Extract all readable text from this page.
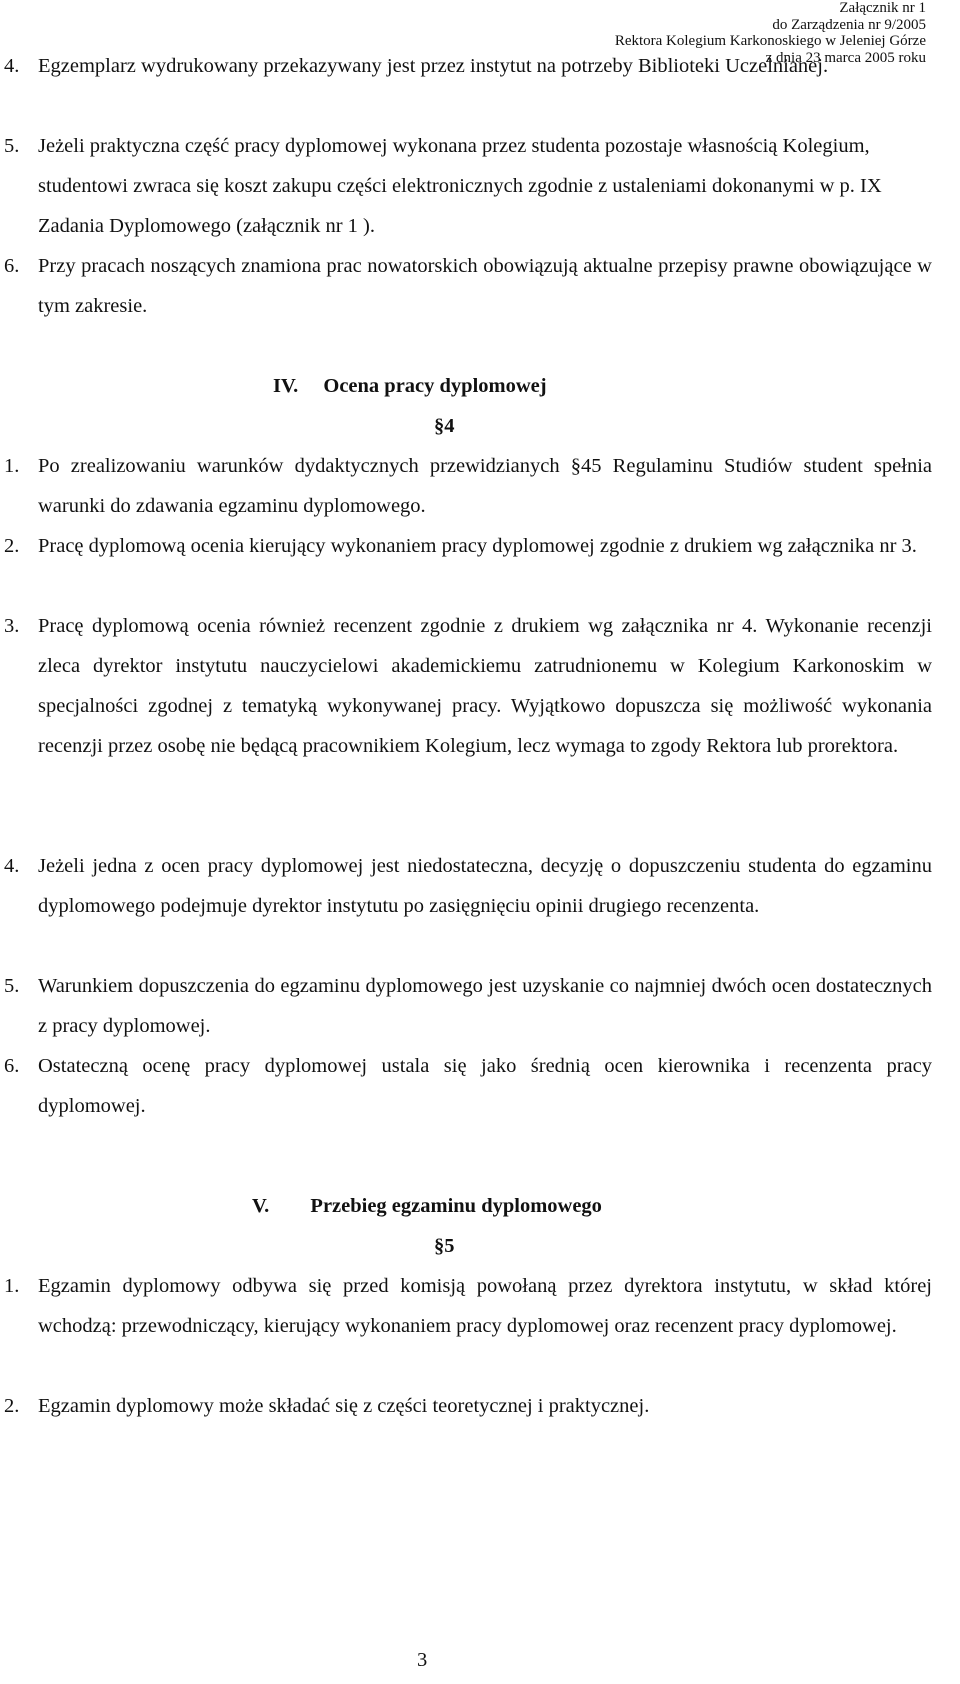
Załącznik nr 1
do Zarządzenia nr 9/2005
Rektora Kolegium Karkonoskiego w Jeleniej Górze
z dnia 23 marca 2005 roku
4. Egzemplarz wydrukowany przekazywany jest przez instytut na potrzeby Biblioteki Uczelnianej.
5. Jeżeli praktyczna część pracy dyplomowej wykonana przez studenta pozostaje własnością Kolegium, studentowi zwraca się koszt zakupu części elektronicznych zgodnie z ustaleniami dokonanymi w p. IX Zadania Dyplomowego (załącznik nr 1 ).
6. Przy pracach noszących znamiona prac nowatorskich obowiązują aktualne przepisy prawne obowiązujące w tym zakresie.
IV. Ocena pracy dyplomowej
§4
1. Po zrealizowaniu warunków dydaktycznych przewidzianych §45 Regulaminu Studiów student spełnia warunki do zdawania egzaminu dyplomowego.
2. Pracę dyplomową ocenia kierujący wykonaniem pracy dyplomowej zgodnie z drukiem wg załącznika nr 3.
3. Pracę dyplomową ocenia również recenzent zgodnie z drukiem wg załącznika nr 4. Wykonanie recenzji zleca dyrektor instytutu nauczycielowi akademickiemu zatrudnionemu w Kolegium Karkonoskim w specjalności zgodnej z tematyką wykonywanej pracy. Wyjątkowo dopuszcza się możliwość wykonania recenzji przez osobę nie będącą pracownikiem Kolegium, lecz wymaga to zgody Rektora lub prorektora.
4. Jeżeli jedna z ocen pracy dyplomowej jest niedostateczna, decyzję o dopuszczeniu studenta do egzaminu dyplomowego podejmuje dyrektor instytutu po zasięgnięciu opinii drugiego recenzenta.
5. Warunkiem dopuszczenia do egzaminu dyplomowego jest uzyskanie co najmniej dwóch ocen dostatecznych z pracy dyplomowej.
6. Ostateczną ocenę pracy dyplomowej ustala się jako średnią ocen kierownika i recenzenta pracy dyplomowej.
V. Przebieg egzaminu dyplomowego
§5
1. Egzamin dyplomowy odbywa się przed komisją powołaną przez dyrektora instytutu, w skład której wchodzą: przewodniczący, kierujący wykonaniem pracy dyplomowej oraz recenzent pracy dyplomowej.
2. Egzamin dyplomowy może składać się z części teoretycznej i praktycznej.
3
